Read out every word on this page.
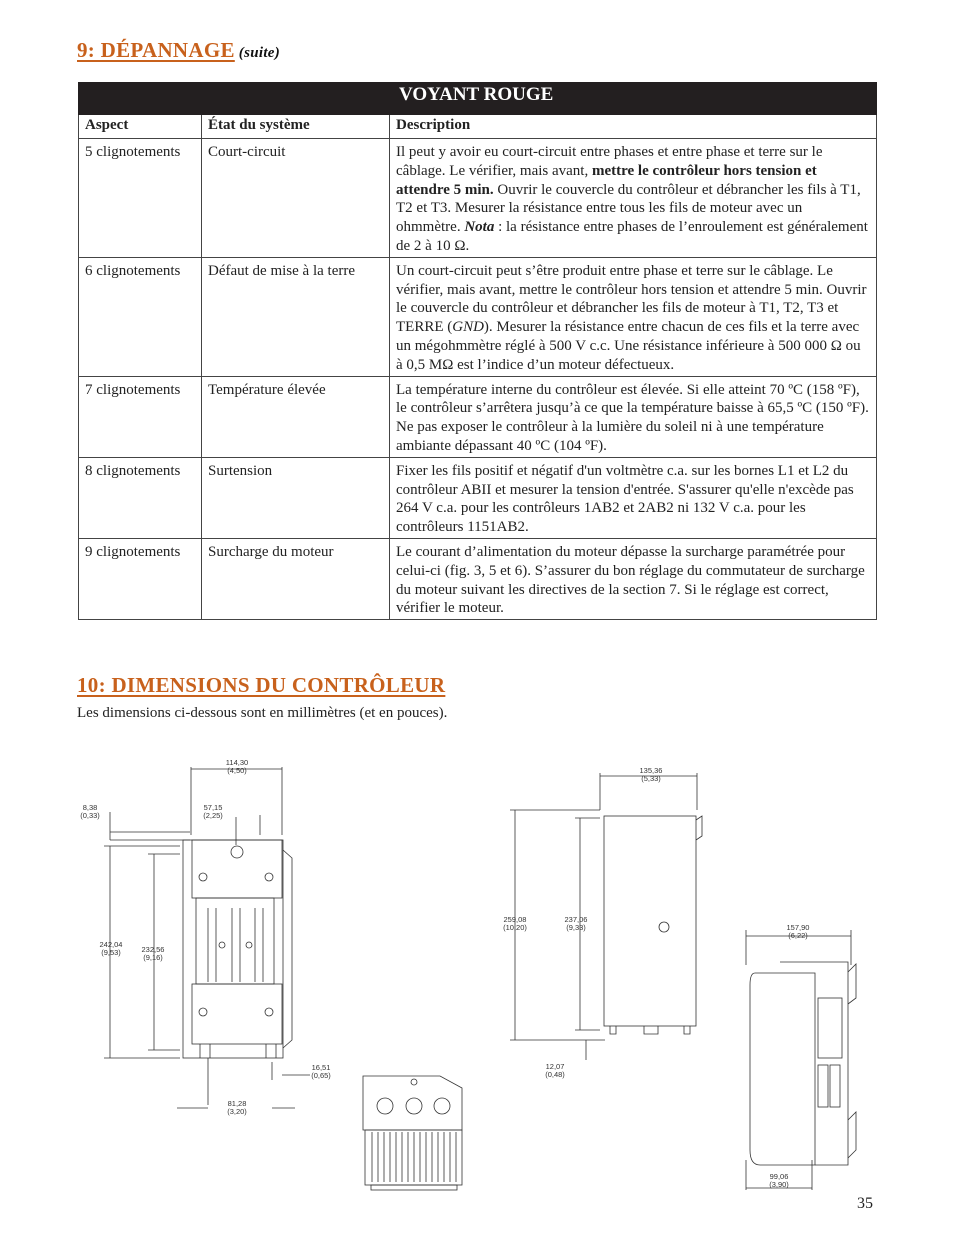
9: DÉPANNAGE (suite)
VOYANT ROUGE		
Aspect	État du système	Description
5 clignotements	Court-circuit	Il peut y avoir eu court-circuit entre phases et entre phase et terre sur le câblage. Le vérifier, mais avant, mettre le contrôleur hors tension et attendre 5 min. Ouvrir le couvercle du contrôleur et débrancher les fils à T1, T2 et T3. Mesurer la résistance entre tous les fils de moteur avec un ohmmètre. Nota : la résistance entre phases de l’enroulement est généralement de 2 à 10 Ω.
6 clignotements	Défaut de mise à la terre	Un court-circuit peut s’être produit entre phase et terre sur le câblage. Le vérifier, mais avant, mettre le contrôleur hors tension et attendre 5 min. Ouvrir le couvercle du contrôleur et débrancher les fils de moteur à T1, T2, T3 et TERRE (GND). Mesurer la résistance entre chacun de ces fils et la terre avec un mégohmmètre réglé à 500 V c.c. Une résistance inférieure à 500 000 Ω ou à 0,5 MΩ est l’indice d’un moteur défectueux.
7 clignotements	Température élevée	La température interne du contrôleur est élevée. Si elle atteint 70 ºC (158 ºF), le contrôleur s’arrêtera jusqu’à ce que la température baisse à 65,5 ºC (150 ºF). Ne pas exposer le contrôleur à la lumière du soleil ni à une température ambiante dépassant 40 ºC (104 ºF).
8 clignotements	Surtension	Fixer les fils positif et négatif d'un voltmètre c.a. sur les bornes L1 et L2 du contrôleur ABII et mesurer la tension d'entrée. S'assurer qu'elle n'excède pas 264 V c.a. pour les contrôleurs 1AB2 et 2AB2 ni 132 V c.a. pour les contrôleurs 1151AB2.
9 clignotements	Surcharge du moteur	Le courant d’alimentation du moteur dépasse la surcharge paramétrée pour celui-ci (fig. 3, 5 et 6). S’assurer du bon réglage du commutateur de surcharge du moteur suivant les directives de la section 7. Si le réglage est correct, vérifier le moteur.
10: DIMENSIONS DU CONTRÔLEUR
Les dimensions ci-dessous sont en millimètres (et en pouces).
114,30
(4,50)
8,38
(0,33)
57,15
(2,25)
242,04
(9,53)	232,56
(9,16)
16,51
(0,65)
81,28
(3,20)
135,36
(5,33)
259,08
(10,20)
237,06
(9,33)
12,07
(0,48)
157,90
(6,22)
99,06
(3,90)
35
